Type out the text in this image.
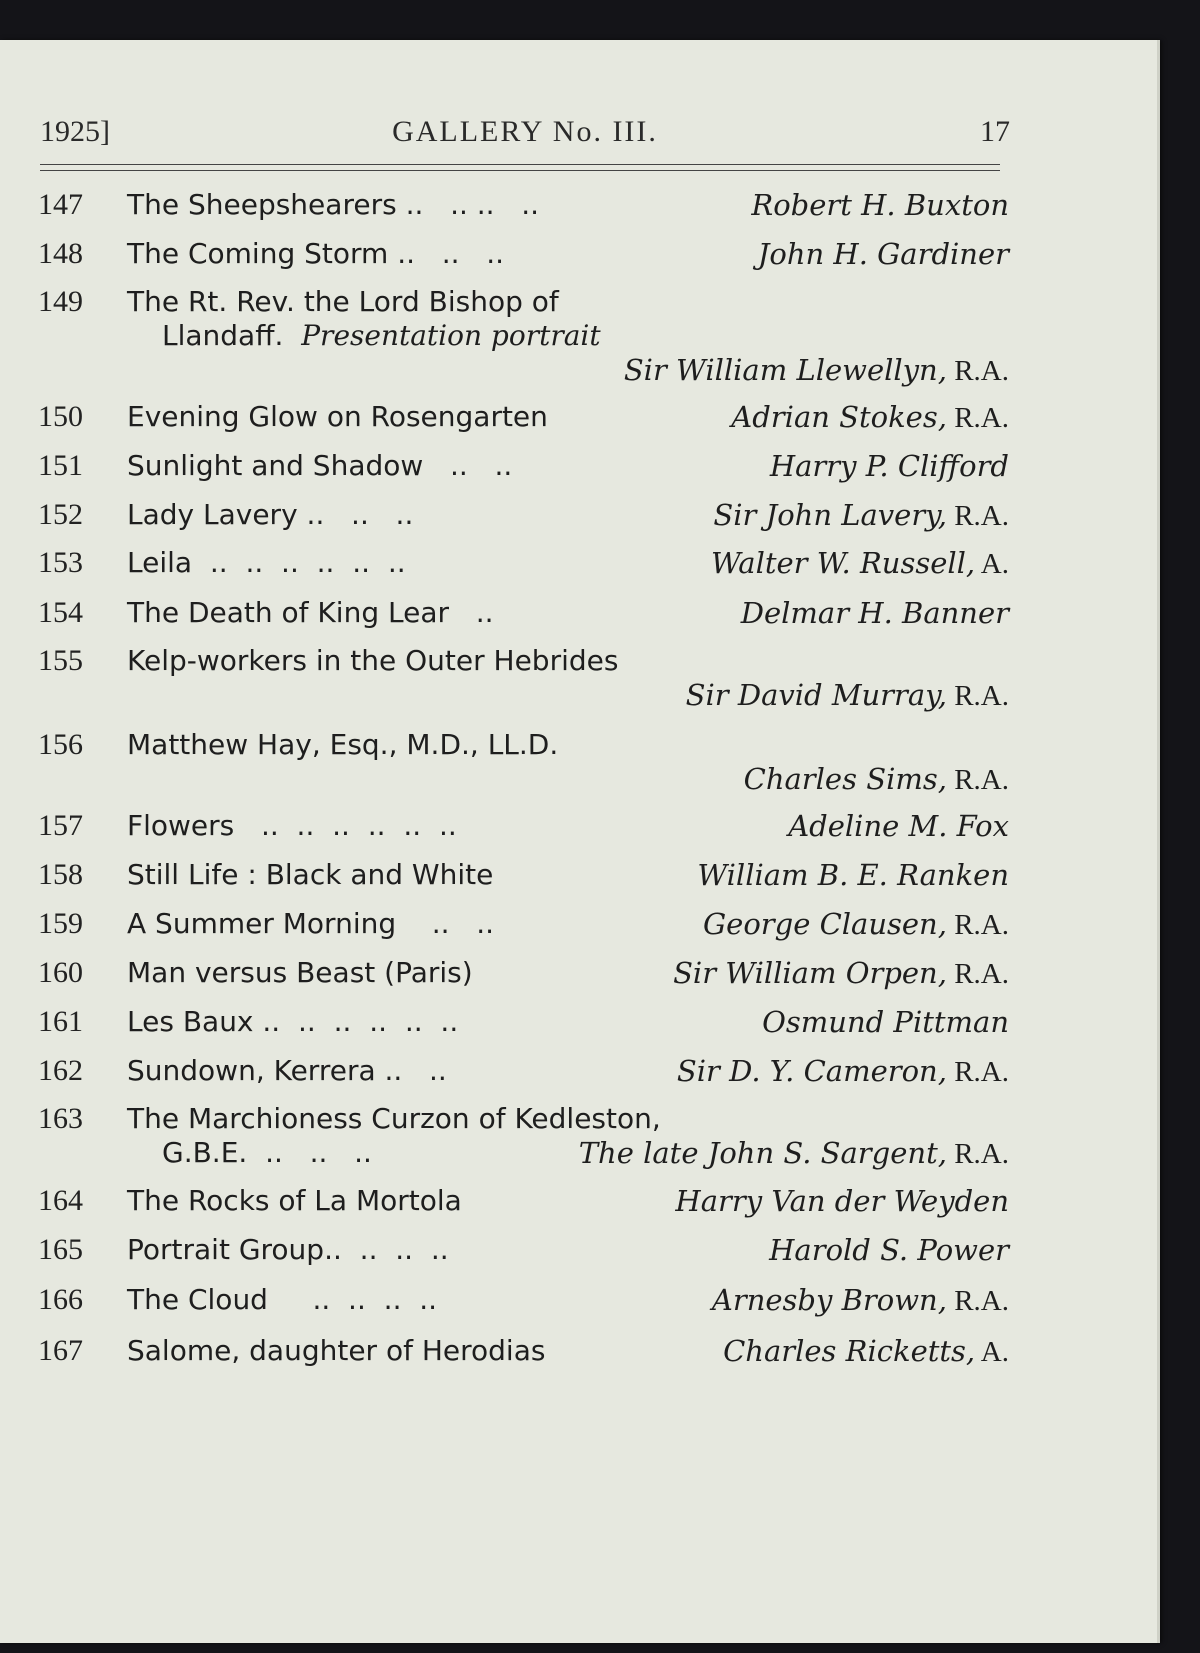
1925]	GALLERY No. III.	17
147 The Sheepshearers ..   .. ..   ..	Robert H. Buxton
148 The Coming Storm ..   ..   ..	John H. Gardiner
149 The Rt. Rev. the Lord Bishop of
Llandaff. Presentation portrait
Sir William Llewellyn, R.A.
150 Evening Glow on Rosengarten	Adrian Stokes, R.A.
151 Sunlight and Shadow   ..   ..	Harry P. Clifford
152 Lady Lavery ..   ..   ..	Sir John Lavery, R.A.
153 Leila  ..  ..  ..  ..  ..  ..	Walter W. Russell, A.
154 The Death of King Lear   ..	Delmar H. Banner
155 Kelp-workers in the Outer Hebrides
Sir David Murray, R.A.
156 Matthew Hay, Esq., M.D., LL.D.
Charles Sims, R.A.
157 Flowers   ..  ..  ..  ..  ..  ..	Adeline M. Fox
158 Still Life : Black and White	William B. E. Ranken
159 A Summer Morning    ..   ..	George Clausen, R.A.
160 Man versus Beast (Paris)	Sir William Orpen, R.A.
161 Les Baux ..  ..  ..  ..  ..  ..	Osmund Pittman
162 Sundown, Kerrera ..   ..	Sir D. Y. Cameron, R.A.
163 The Marchioness Curzon of Kedleston,
G.B.E.  ..   ..   ..	The late John S. Sargent, R.A.
164 The Rocks of La Mortola	Harry Van der Weyden
165 Portrait Group..  ..  ..  ..	Harold S. Power
166 The Cloud     ..  ..  ..  ..	Arnesby Brown, R.A.
167 Salome, daughter of Herodias	Charles Ricketts, A.
